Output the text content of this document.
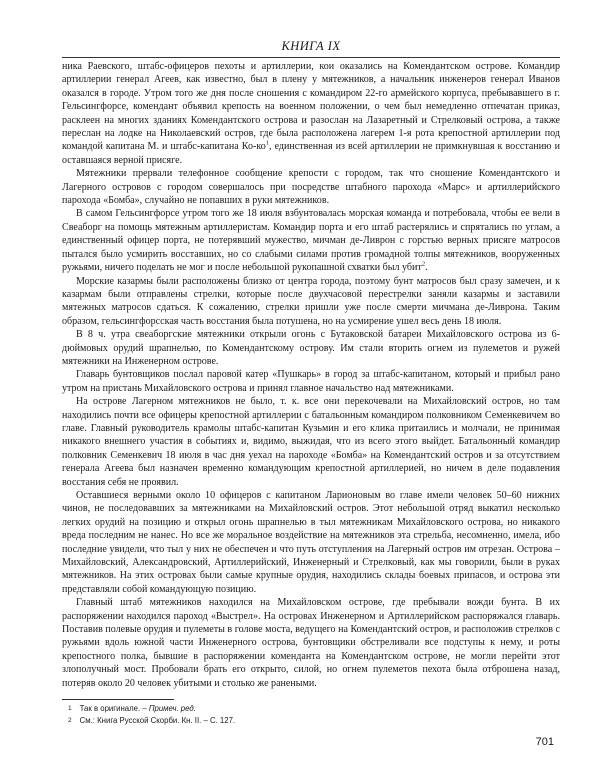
КНИГА IX

ника Раевского, штабс-офицеров пехоты и артиллерии, кои оказались на Комендантском острове. Командир артиллерии генерал Агеев, как известно, был в плену у мятежников, а начальник инженеров генерал Иванов оказался в городе. Утром того же дня после сношения с командиром 22-го армейского корпуса, пребывавшего в г. Гельсингфорсе, комендант объявил крепость на военном положении, о чем был немедленно отпечатан приказ, расклеен на многих зданиях Комендантского острова и разослан на Лазаретный и Стрелковый острова, а также переслан на лодке на Николаевский остров, где была расположена лагерем 1-я рота крепостной артиллерии под командой капитана М. и штабс-капитана Ко-ко$^1$, единственная из всей артиллерии не примкнувшая к восстанию и оставшаяся верной присяге.

Мятежники прервали телефонное сообщение крепости с городом, так что сношение Комендантского и Лагерного островов с городом совершалось при посредстве штабного парохода «Марс» и артиллерийского парохода «Бомба», случайно не попавших в руки мятежников.

В самом Гельсингфорсе утром того же 18 июля взбунтовалась морская команда и потребовала, чтобы ее вели в Свеаборг на помощь мятежным артиллеристам. Командир порта и его штаб растерялись и спрятались по углам, а единственный офицер порта, не потерявший мужество, мичман де-Ливрон с горстью верных присяге матросов пытался было усмирить восставших, но со слабыми силами против громадной толпы мятежников, вооруженных ружьями, ничего поделать не мог и после небольшой рукопашной схватки был убит$^2$.

Морские казармы были расположены близко от центра города, поэтому бунт матросов был сразу замечен, и к казармам были отправлены стрелки, которые после двухчасовой перестрелки заняли казармы и заставили мятежных матросов сдаться. К сожалению, стрелки пришли уже после смерти мичмана де-Ливрона. Таким образом, гельсингфорсская часть восстания была потушена, но на усмирение ушел весь день 18 июля.

В 8 ч. утра свеаборгские мятежники открыли огонь с Бутаковской батареи Михайловского острова из 6-дюймовых орудий шрапнелью, по Комендантскому острову. Им стали вторить огнем из пулеметов и ружей мятежники на Инженерном острове.

Главарь бунтовщиков послал паровой катер «Пушкарь» в город за штабс-капитаном, который и прибыл рано утром на пристань Михайловского острова и принял главное начальство над мятежниками.

На острове Лагерном мятежников не было, т. к. все они перекочевали на Михайловский остров, но там находились почти все офицеры крепостной артиллерии с батальонным командиром полковником Семенкевичем во главе. Главный руководитель крамолы штабс-капитан Кузьмин и его клика притаились и молчали, не принимая никакого внешнего участия в событиях и, видимо, выжидая, что из всего этого выйдет. Батальонный командир полковник Семенкевич 18 июля в час дня уехал на пароходе «Бомба» на Комендантский остров и за отсутствием генерала Агеева был назначен временно командующим крепостной артиллерией, но ничем в деле подавления восстания себя не проявил.

Оставшиеся верными около 10 офицеров с капитаном Ларионовым во главе имели человек 50–60 нижних чинов, не последовавших за мятежниками на Михайловский остров. Этот небольшой отряд выкатил несколько легких орудий на позицию и открыл огонь шрапнелью в тыл мятежникам Михайловского острова, но никакого вреда последним не нанес. Но все же моральное воздействие на мятежников эта стрельба, несомненно, имела, ибо последние увидели, что тыл у них не обеспечен и что путь отступления на Лагерный остров им отрезан. Острова – Михайловский, Александровский, Артиллерийский, Инженерный и Стрелковый, как мы говорили, были в руках мятежников. На этих островах были самые крупные орудия, находились склады боевых припасов, и острова эти представляли собой командующую позицию.

Главный штаб мятежников находился на Михайловском острове, где пребывали вожди бунта. В их распоряжении находился пароход «Выстрел». На островах Инженерном и Артиллерийском распоряжался главарь. Поставив полевые орудия и пулеметы в голове моста, ведущего на Комендантский остров, и расположив стрелков с ружьями вдоль южной части Инженерного острова, бунтовщики обстреливали все подступы к нему, и роты крепостного полка, бывшие в распоряжении коменданта на Комендантском острове, не могли перейти этот злополучный мост. Пробовали брать его открыто, силой, но огнем пулеметов пехота была отброшена назад, потеряв около 20 человек убитыми и столько же ранеными.

1 Так в оригинале. – Примеч. ред.
2 См.: Книга Русской Скорби. Кн. II. – С. 127.
701
